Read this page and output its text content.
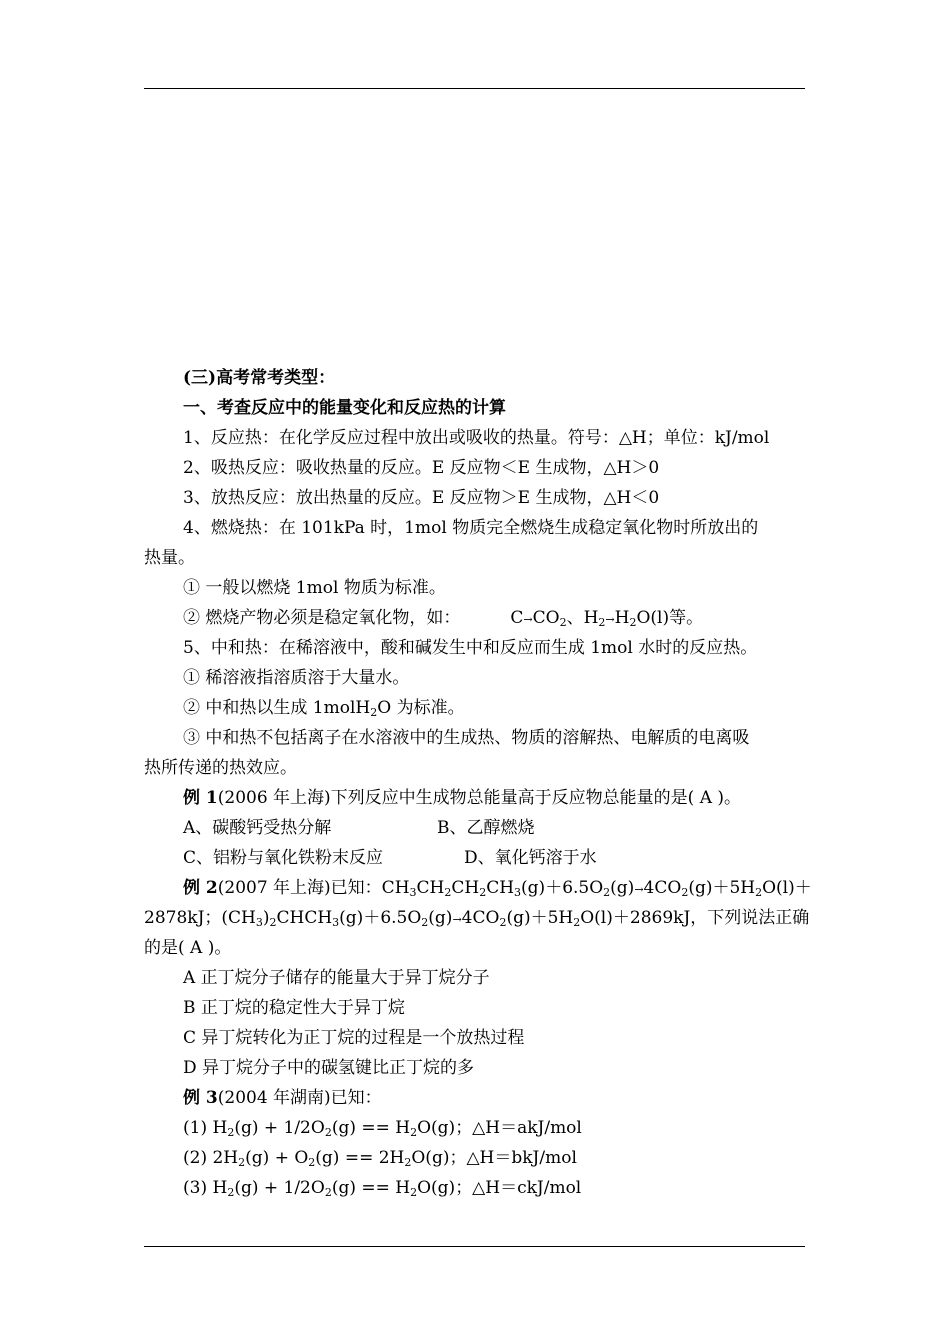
(三)高考常考类型：
一、考查反应中的能量变化和反应热的计算
1、反应热：在化学反应过程中放出或吸收的热量。符号：△H；单位：kJ/mol
2、吸热反应：吸收热量的反应。E 反应物＜E 生成物，△H＞0
3、放热反应：放出热量的反应。E 反应物＞E 生成物，△H＜0
4、燃烧热：在 101kPa 时，1mol 物质完全燃烧生成稳定氧化物时所放出的
热量。
① 一般以燃烧 1mol 物质为标准。
② 燃烧产物必须是稳定氧化物，如：	$C\to CO_2$、$H_2\to H_2O(l)$等。
5、中和热：在稀溶液中，酸和碱发生中和反应而生成 1mol 水时的反应热。
① 稀溶液指溶质溶于大量水。
② 中和热以生成 1molH$_2$O 为标准。
③ 中和热不包括离子在水溶液中的生成热、物质的溶解热、电解质的电离吸
热所传递的热效应。
例 1(2006 年上海)下列反应中生成物总能量高于反应物总能量的是( A )。
A、碳酸钙受热分解	B、乙醇燃烧
C、铝粉与氧化铁粉末反应	D、氧化钙溶于水
例 2(2007 年上海)已知：$CH_3CH_2CH_2CH_3(g)+6.5O_2(g)\to 4CO_2(g)+5H_2O(l)+$
2878kJ；$(CH_3)_2CHCH_3(g)+6.5O_2(g)\to 4CO_2(g)+5H_2O(l)+2869kJ$，下列说法正确
的是( A )。
A 正丁烷分子储存的能量大于异丁烷分子
B 正丁烷的稳定性大于异丁烷
C 异丁烷转化为正丁烷的过程是一个放热过程
D 异丁烷分子中的碳氢键比正丁烷的多
例 3(2004 年湖南)已知：
(1) $H_2(g) + 1/2O_2(g) == H_2O(g)$；△H＝akJ/mol
(2) $2H_2(g) + O_2(g) == 2H_2O(g)$；△H＝bkJ/mol
(3) $H_2(g) + 1/2O_2(g) == H_2O(g)$；△H＝ckJ/mol
